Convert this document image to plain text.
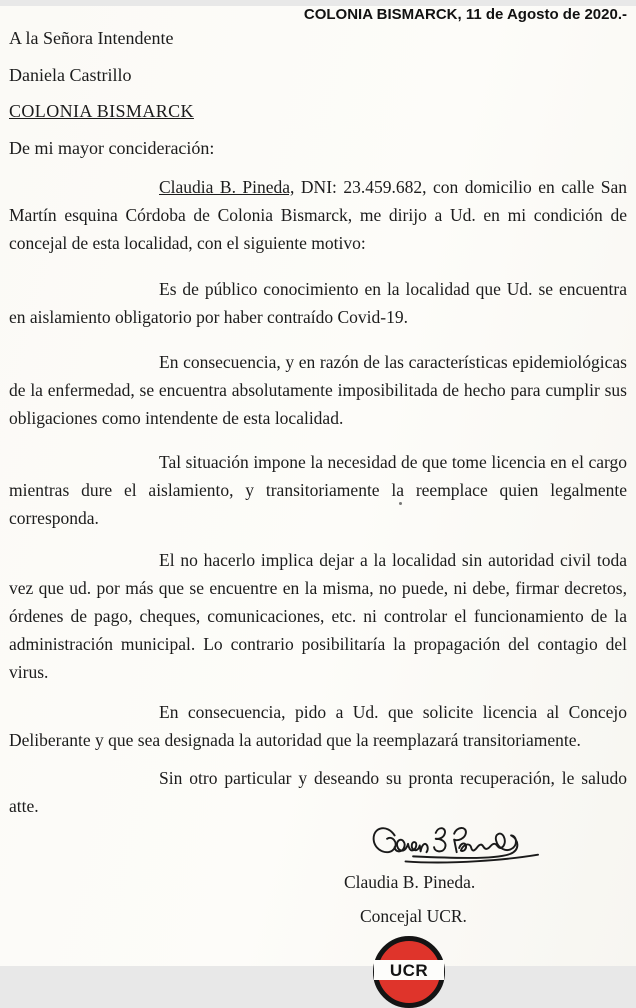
COLONIA BISMARCK, 11 de Agosto de 2020.-
A la Señora Intendente
Daniela Castrillo
COLONIA BISMARCK
De mi mayor concideración:

Claudia B. Pineda, DNI: 23.459.682, con domicilio en calle San Martín esquina Córdoba de Colonia Bismarck, me dirijo a Ud. en mi condición de concejal de esta localidad, con el siguiente motivo:

Es de público conocimiento en la localidad que Ud. se encuentra en aislamiento obligatorio por haber contraído Covid-19.

En consecuencia, y en razón de las características epidemiológicas de la enfermedad, se encuentra absolutamente imposibilitada de hecho para cumplir sus obligaciones como intendente de esta localidad.

Tal situación impone la necesidad de que tome licencia en el cargo mientras dure el aislamiento, y transitoriamente la reemplace quien legalmente corresponda.

El no hacerlo implica dejar a la localidad sin autoridad civil toda vez que ud. por más que se encuentre en la misma, no puede, ni debe, firmar decretos, órdenes de pago, cheques, comunicaciones, etc. ni controlar el funcionamiento de la administración municipal. Lo contrario posibilitaría la propagación del contagio del virus.

En consecuencia, pido a Ud. que solicite licencia al Concejo Deliberante y que sea designada la autoridad que la reemplazará transitoriamente.

Sin otro particular y deseando su pronta recuperación, le saludo atte.

Claudia B. Pineda.
Concejal UCR.
UCR
